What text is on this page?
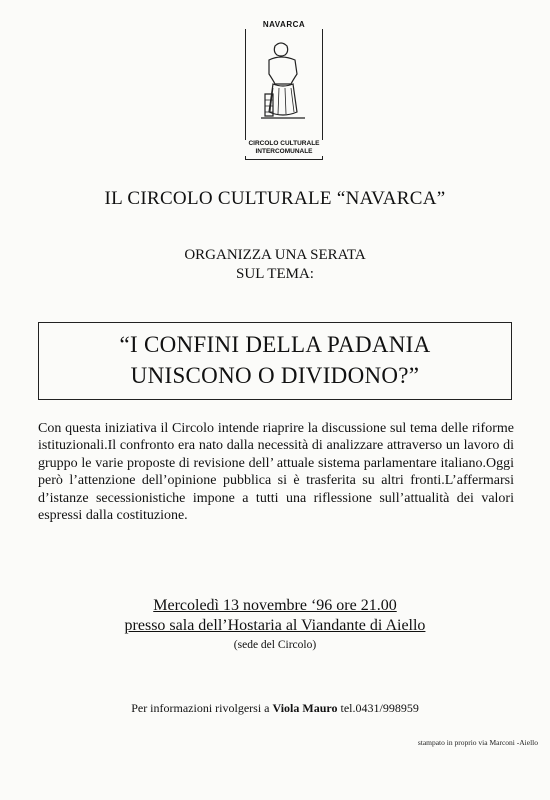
NAVARCA
CIRCOLO CULTURALE
INTERCOMUNALE
IL CIRCOLO CULTURALE “NAVARCA”
ORGANIZZA UNA SERATA
SUL TEMA:
“I CONFINI DELLA PADANIA
UNISCONO O DIVIDONO?”
Con questa iniziativa il Circolo intende riaprire la discussione sul tema delle riforme istituzionali.Il confronto era nato dalla necessità di analizzare attraverso un lavoro di gruppo le varie proposte di revisione dell’ attuale sistema parlamentare italiano.Oggi però l’attenzione dell’opinione pubblica si è trasferita su altri fronti.L’affermarsi d’istanze secessionistiche impone a tutti una riflessione sull’attualità dei valori espressi dalla costituzione.
Mercoledì 13 novembre ‘96 ore 21.00
presso sala dell’Hostaria al Viandante di Aiello
(sede del Circolo)
Per informazioni rivolgersi a Viola Mauro tel.0431/998959
stampato in proprio via Marconi -Aiello
